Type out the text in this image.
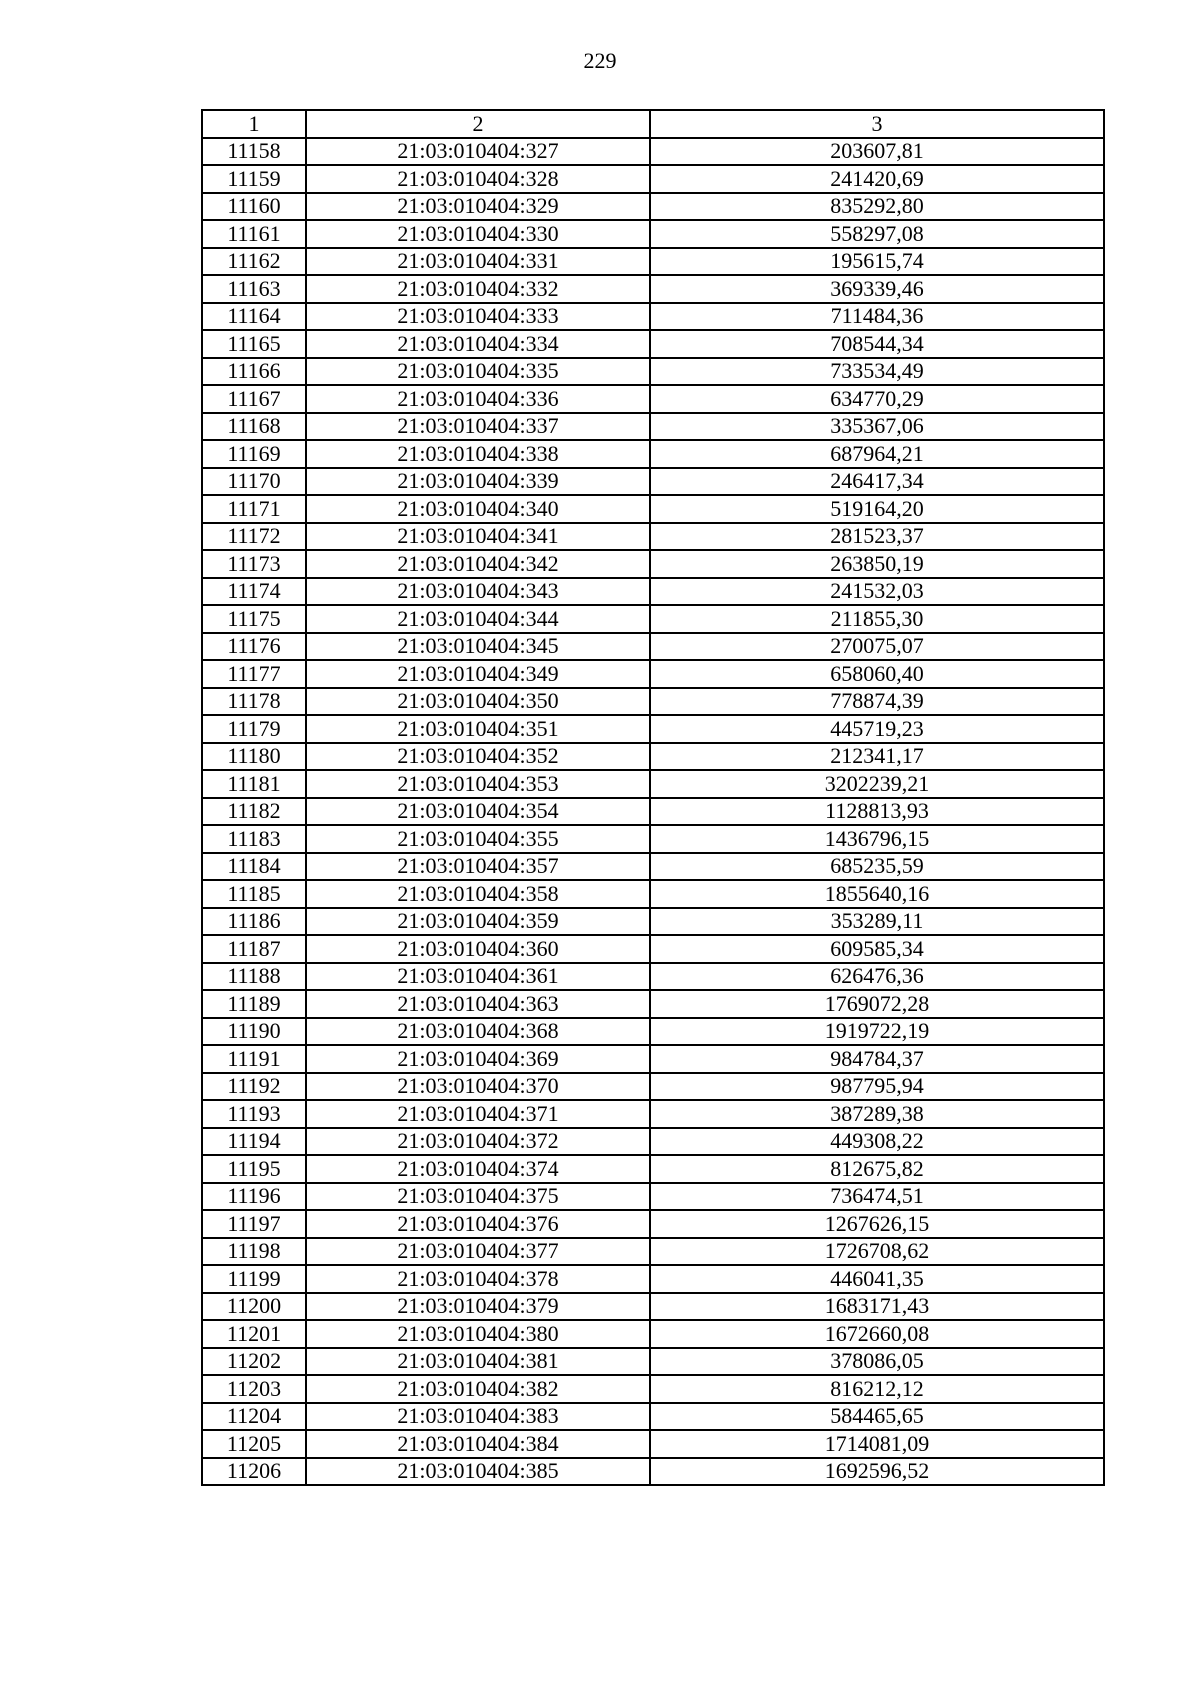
229
1	2	3
11158	21:03:010404:327	203607,81
11159	21:03:010404:328	241420,69
11160	21:03:010404:329	835292,80
11161	21:03:010404:330	558297,08
11162	21:03:010404:331	195615,74
11163	21:03:010404:332	369339,46
11164	21:03:010404:333	711484,36
11165	21:03:010404:334	708544,34
11166	21:03:010404:335	733534,49
11167	21:03:010404:336	634770,29
11168	21:03:010404:337	335367,06
11169	21:03:010404:338	687964,21
11170	21:03:010404:339	246417,34
11171	21:03:010404:340	519164,20
11172	21:03:010404:341	281523,37
11173	21:03:010404:342	263850,19
11174	21:03:010404:343	241532,03
11175	21:03:010404:344	211855,30
11176	21:03:010404:345	270075,07
11177	21:03:010404:349	658060,40
11178	21:03:010404:350	778874,39
11179	21:03:010404:351	445719,23
11180	21:03:010404:352	212341,17
11181	21:03:010404:353	3202239,21
11182	21:03:010404:354	1128813,93
11183	21:03:010404:355	1436796,15
11184	21:03:010404:357	685235,59
11185	21:03:010404:358	1855640,16
11186	21:03:010404:359	353289,11
11187	21:03:010404:360	609585,34
11188	21:03:010404:361	626476,36
11189	21:03:010404:363	1769072,28
11190	21:03:010404:368	1919722,19
11191	21:03:010404:369	984784,37
11192	21:03:010404:370	987795,94
11193	21:03:010404:371	387289,38
11194	21:03:010404:372	449308,22
11195	21:03:010404:374	812675,82
11196	21:03:010404:375	736474,51
11197	21:03:010404:376	1267626,15
11198	21:03:010404:377	1726708,62
11199	21:03:010404:378	446041,35
11200	21:03:010404:379	1683171,43
11201	21:03:010404:380	1672660,08
11202	21:03:010404:381	378086,05
11203	21:03:010404:382	816212,12
11204	21:03:010404:383	584465,65
11205	21:03:010404:384	1714081,09
11206	21:03:010404:385	1692596,52
